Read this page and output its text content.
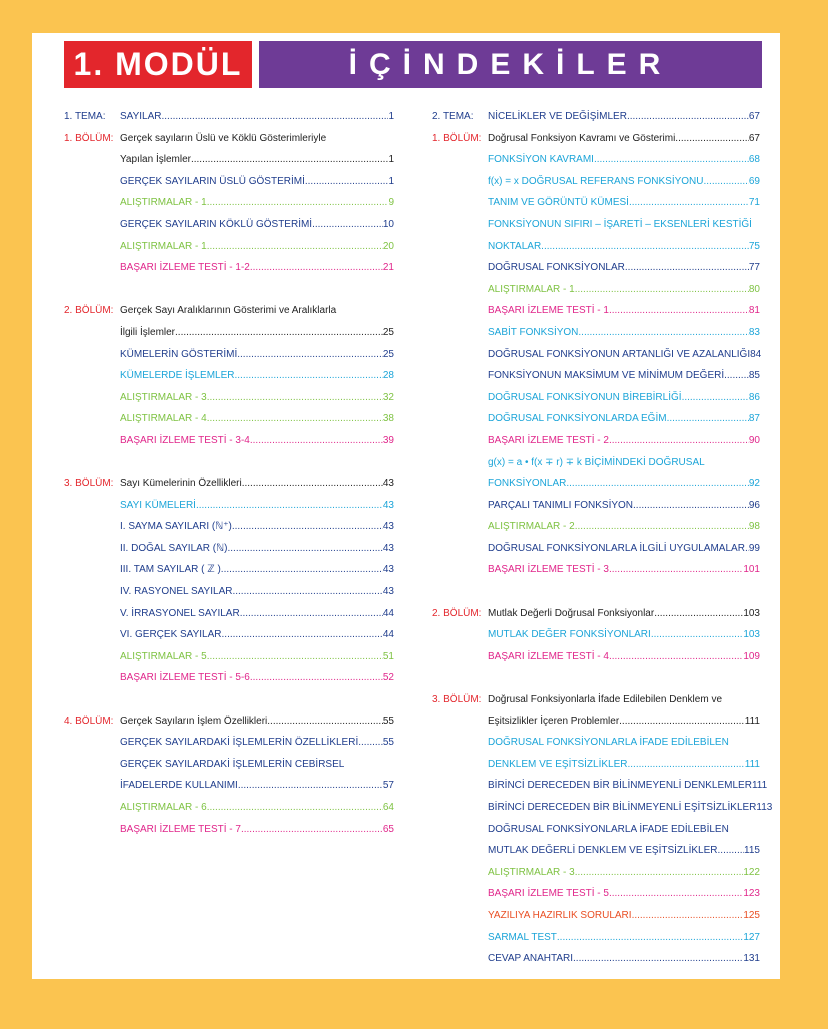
1. MODÜL	İÇİNDEKİLER
1. TEMA:	SAYILAR .....	1
1. BÖLÜM: Gerçek sayıların Üslü ve Köklü Gösterimleriyle
Yapılan İşlemler .....	1
GERÇEK SAYILARIN ÜSLÜ GÖSTERİMİ .....	1
ALIŞTIRMALAR - 1 .....	9
GERÇEK SAYILARIN KÖKLÜ GÖSTERİMİ .....	10
ALIŞTIRMALAR - 1 .....	20
BAŞARI İZLEME TESTİ - 1-2 .....	21
2. BÖLÜM: Gerçek Sayı Aralıklarının Gösterimi ve Aralıklarla
İlgili İşlemler .....	25
KÜMELERİN GÖSTERİMİ .....	25
KÜMELERDE İŞLEMLER .....	28
ALIŞTIRMALAR - 3 .....	32
ALIŞTIRMALAR - 4 .....	38
BAŞARI İZLEME TESTİ - 3-4 .....	39
3. BÖLÜM: Sayı Kümelerinin Özellikleri .....	43
SAYI KÜMELERİ .....	43
I. SAYMA SAYILARI (ℕ⁺) .....	43
II. DOĞAL SAYILAR (ℕ) .....	43
III. TAM SAYILAR ( ℤ ) .....	43
IV. RASYONEL SAYILAR .....	43
V. İRRASYONEL SAYILAR .....	44
VI. GERÇEK SAYILAR .....	44
ALIŞTIRMALAR - 5 .....	51
BAŞARI İZLEME TESTİ - 5-6 .....	52
4. BÖLÜM: Gerçek Sayıların İşlem Özellikleri .....	55
GERÇEK SAYILARDAKİ İŞLEMLERİN ÖZELLİKLERİ ..... 55
GERÇEK SAYILARDAKİ İŞLEMLERİN CEBİRSEL
İFADELERDE KULLANIMI .....	57
ALIŞTIRMALAR - 6 .....	64
BAŞARI İZLEME TESTİ - 7 .....	65
2. TEMA:	NİCELİKLER VE DEĞİŞİMLER .....	67
1. BÖLÜM: Doğrusal Fonksiyon Kavramı ve Gösterimi .....	67
FONKSİYON KAVRAMI .....	68
f(x) = x DOĞRUSAL REFERANS FONKSİYONU .....	69
TANIM VE GÖRÜNTÜ KÜMESİ .....	71
FONKSİYONUN SIFIRI – İŞARETİ – EKSENLERİ KESTİĞİ
NOKTALAR .....	75
DOĞRUSAL FONKSİYONLAR .....	77
ALIŞTIRMALAR - 1 .....	80
BAŞARI İZLEME TESTİ - 1 .....	81
SABİT FONKSİYON .....	83
DOĞRUSAL FONKSİYONUN ARTANLIĞI VE AZALANLIĞI 84
FONKSİYONUN MAKSİMUM VE MİNİMUM DEĞERİ ..... 85
DOĞRUSAL FONKSİYONUN BİREBİRLİĞİ .....	86
DOĞRUSAL FONKSİYONLARDA EĞİM .....	87
BAŞARI İZLEME TESTİ - 2 .....	90
g(x) = a • f(x ∓ r) ∓ k BİÇİMİNDEKİ DOĞRUSAL
FONKSİYONLAR .....	92
PARÇALI TANIMLI FONKSİYON .....	96
ALIŞTIRMALAR - 2 .....	98
DOĞRUSAL FONKSİYONLARLA İLGİLİ UYGULAMALAR ..... 99
BAŞARI İZLEME TESTİ - 3 .....	101
2. BÖLÜM: Mutlak Değerli Doğrusal Fonksiyonlar .....	103
MUTLAK DEĞER FONKSİYONLARI .....	103
BAŞARI İZLEME TESTİ - 4 .....	109
3. BÖLÜM: Doğrusal Fonksiyonlarla İfade Edilebilen Denklem ve
Eşitsizlikler İçeren Problemler .....	111
DOĞRUSAL FONKSİYONLARLA İFADE EDİLEBİLEN
DENKLEM VE EŞİTSİZLİKLER .....	111
BİRİNCİ DERECEDEN BİR BİLİNMEYENLİ DENKLEMLER 111
BİRİNCİ DERECEDEN BİR BİLİNMEYENLİ EŞİTSİZLİKLER 113
DOĞRUSAL FONKSİYONLARLA İFADE EDİLEBİLEN
MUTLAK DEĞERLİ DENKLEM VE EŞİTSİZLİKLER .....	115
ALIŞTIRMALAR - 3 .....	122
BAŞARI İZLEME TESTİ - 5 .....	123
YAZILIYA HAZIRLIK SORULARI .....	125
SARMAL TEST .....	127
CEVAP ANAHTARI .....	131
